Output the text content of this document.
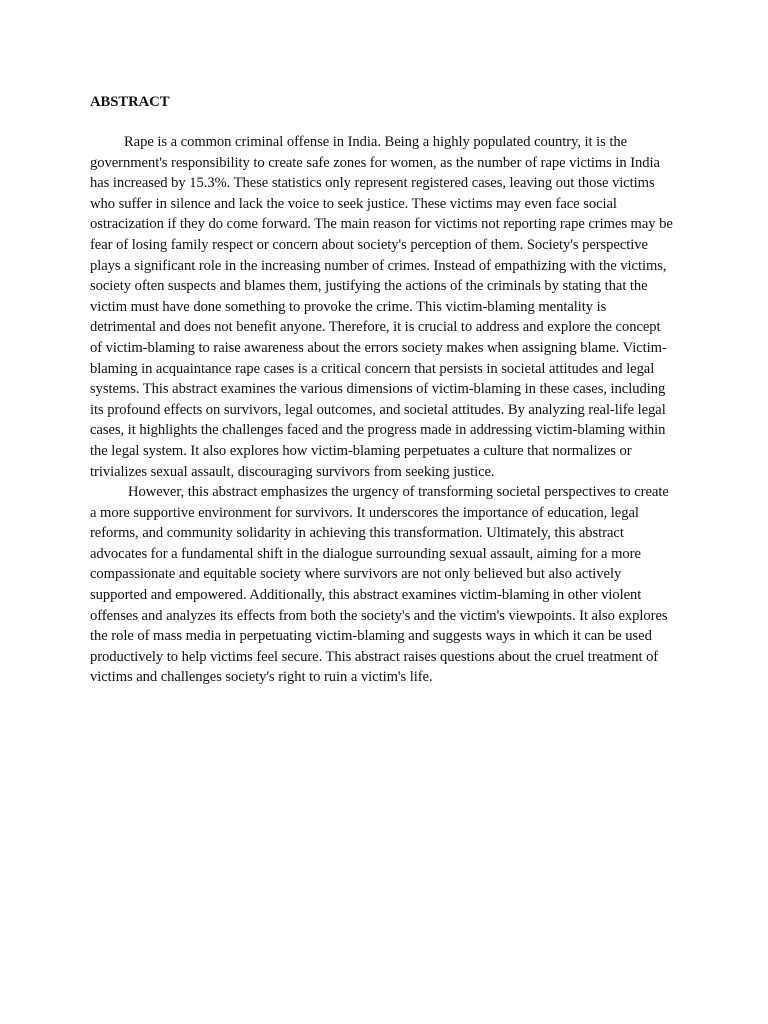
ABSTRACT

Rape is a common criminal offense in India. Being a highly populated country, it is the government's responsibility to create safe zones for women, as the number of rape victims in India has increased by 15.3%. These statistics only represent registered cases, leaving out those victims who suffer in silence and lack the voice to seek justice. These victims may even face social ostracization if they do come forward. The main reason for victims not reporting rape crimes may be fear of losing family respect or concern about society's perception of them. Society's perspective plays a significant role in the increasing number of crimes. Instead of empathizing with the victims, society often suspects and blames them, justifying the actions of the criminals by stating that the victim must have done something to provoke the crime. This victim-blaming mentality is detrimental and does not benefit anyone. Therefore, it is crucial to address and explore the concept of victim-blaming to raise awareness about the errors society makes when assigning blame. Victim-blaming in acquaintance rape cases is a critical concern that persists in societal attitudes and legal systems. This abstract examines the various dimensions of victim-blaming in these cases, including its profound effects on survivors, legal outcomes, and societal attitudes. By analyzing real-life legal cases, it highlights the challenges faced and the progress made in addressing victim-blaming within the legal system. It also explores how victim-blaming perpetuates a culture that normalizes or trivializes sexual assault, discouraging survivors from seeking justice.

However, this abstract emphasizes the urgency of transforming societal perspectives to create a more supportive environment for survivors. It underscores the importance of education, legal reforms, and community solidarity in achieving this transformation. Ultimately, this abstract advocates for a fundamental shift in the dialogue surrounding sexual assault, aiming for a more compassionate and equitable society where survivors are not only believed but also actively supported and empowered. Additionally, this abstract examines victim-blaming in other violent offenses and analyzes its effects from both the society's and the victim's viewpoints. It also explores the role of mass media in perpetuating victim-blaming and suggests ways in which it can be used productively to help victims feel secure. This abstract raises questions about the cruel treatment of victims and challenges society's right to ruin a victim's life.
